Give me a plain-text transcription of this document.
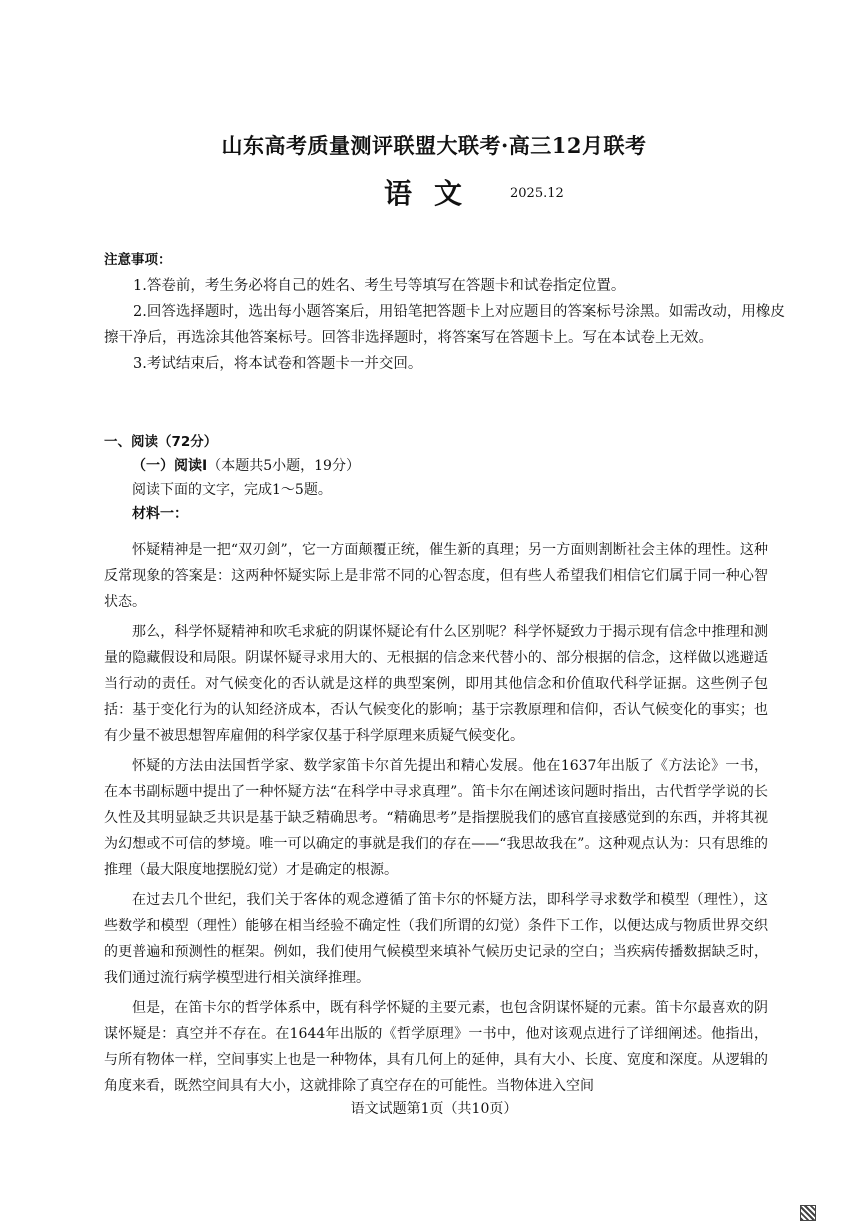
山东高考质量测评联盟大联考·高三12月联考
语文	2025.12
注意事项：
1.答卷前，考生务必将自己的姓名、考生号等填写在答题卡和试卷指定位置。
2.回答选择题时，选出每小题答案后，用铅笔把答题卡上对应题目的答案标号涂黑。如需改动，用橡皮擦干净后，再选涂其他答案标号。回答非选择题时，将答案写在答题卡上。写在本试卷上无效。
3.考试结束后，将本试卷和答题卡一并交回。
一、阅读（72分）
（一）阅读Ⅰ（本题共5小题，19分）
阅读下面的文字，完成1～5题。
材料一：

怀疑精神是一把“双刃剑”，它一方面颠覆正统，催生新的真理；另一方面则割断社会主体的理性。这种反常现象的答案是：这两种怀疑实际上是非常不同的心智态度，但有些人希望我们相信它们属于同一种心智状态。

那么，科学怀疑精神和吹毛求疵的阴谋怀疑论有什么区别呢？科学怀疑致力于揭示现有信念中推理和测量的隐藏假设和局限。阴谋怀疑寻求用大的、无根据的信念来代替小的、部分根据的信念，这样做以逃避适当行动的责任。对气候变化的否认就是这样的典型案例，即用其他信念和价值取代科学证据。这些例子包括：基于变化行为的认知经济成本，否认气候变化的影响；基于宗教原理和信仰，否认气候变化的事实；也有少量不被思想智库雇佣的科学家仅基于科学原理来质疑气候变化。

怀疑的方法由法国哲学家、数学家笛卡尔首先提出和精心发展。他在1637年出版了《方法论》一书，在本书副标题中提出了一种怀疑方法“在科学中寻求真理”。笛卡尔在阐述该问题时指出，古代哲学学说的长久性及其明显缺乏共识是基于缺乏精确思考。“精确思考”是指摆脱我们的感官直接感觉到的东西，并将其视为幻想或不可信的梦境。唯一可以确定的事就是我们的存在——“我思故我在”。这种观点认为：只有思维的推理（最大限度地摆脱幻觉）才是确定的根源。

在过去几个世纪，我们关于客体的观念遵循了笛卡尔的怀疑方法，即科学寻求数学和模型（理性），这些数学和模型（理性）能够在相当经验不确定性（我们所谓的幻觉）条件下工作，以便达成与物质世界交织的更普遍和预测性的框架。例如，我们使用气候模型来填补气候历史记录的空白；当疾病传播数据缺乏时，我们通过流行病学模型进行相关演绎推理。

但是，在笛卡尔的哲学体系中，既有科学怀疑的主要元素，也包含阴谋怀疑的元素。笛卡尔最喜欢的阴谋怀疑是：真空并不存在。在1644年出版的《哲学原理》一书中，他对该观点进行了详细阐述。他指出，与所有物体一样，空间事实上也是一种物体，具有几何上的延伸，具有大小、长度、宽度和深度。从逻辑的角度来看，既然空间具有大小，这就排除了真空存在的可能性。当物体进入空间

语文试题第1页（共10页）
